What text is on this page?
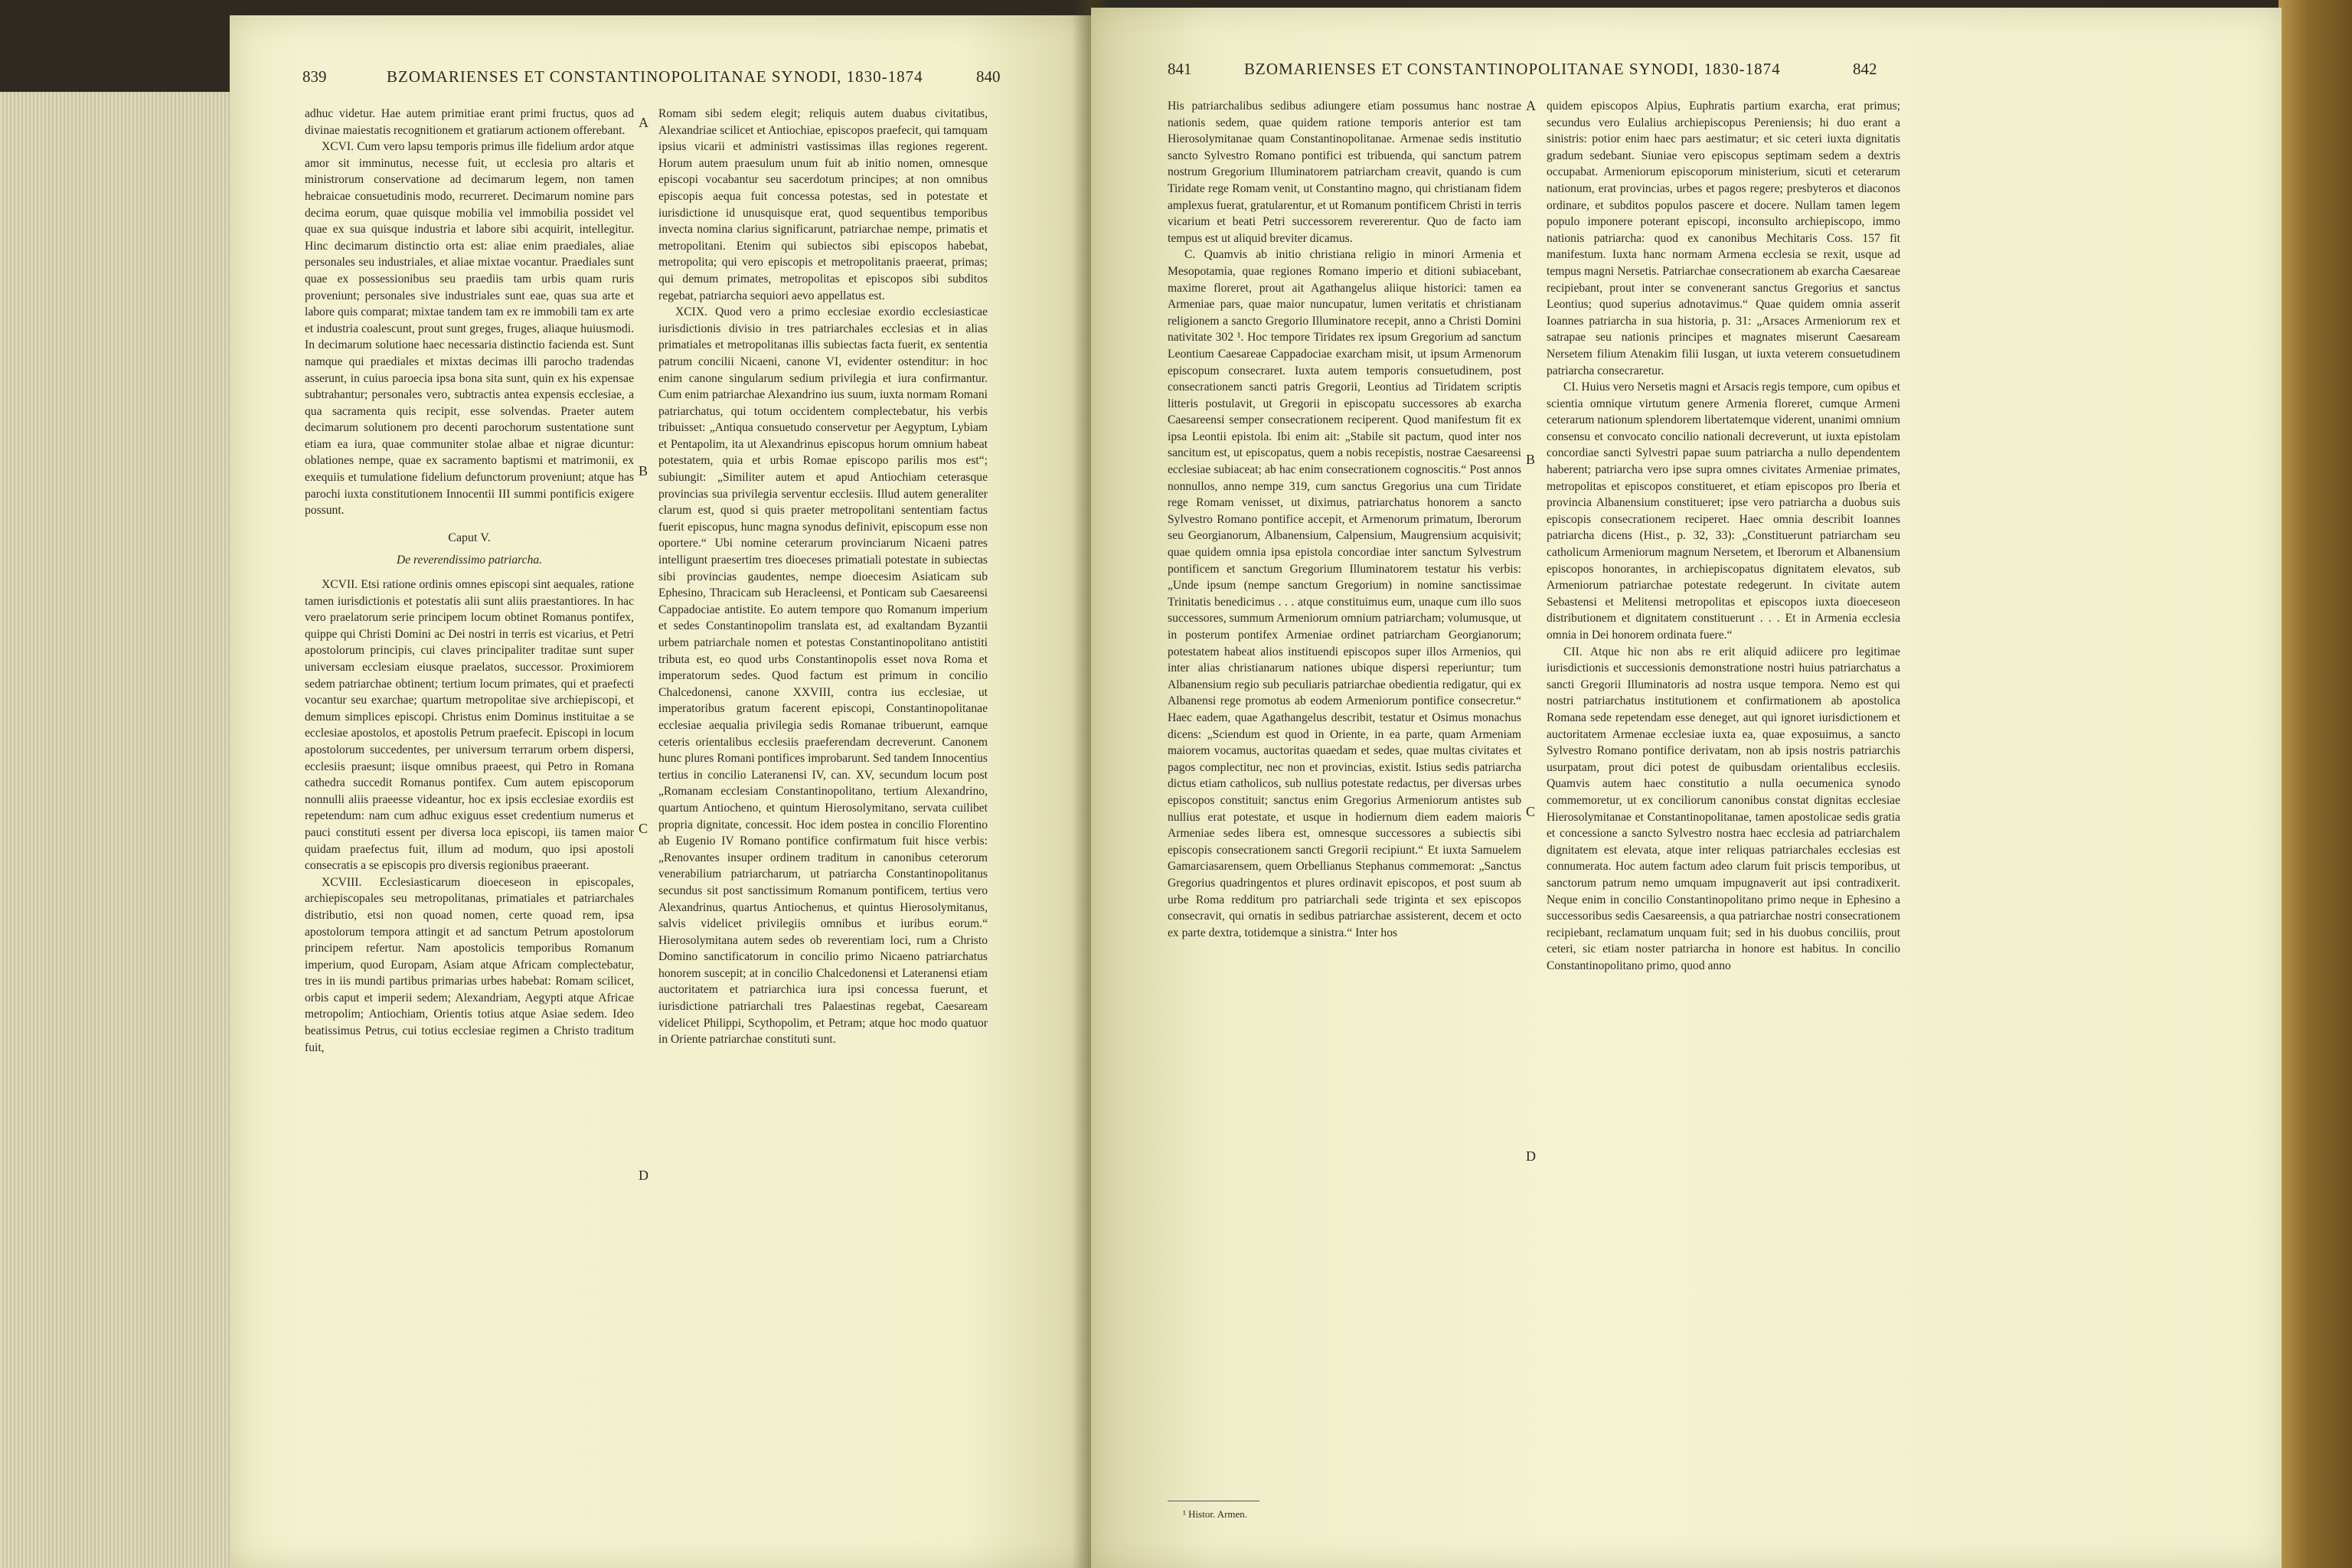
839	BZOMARIENSES ET CONSTANTINOPOLITANAE SYNODI, 1830-1874	840

adhuc videtur. Hae autem primitiae erant primi fructus, quos ad divinae maiestatis recognitionem et gratiarum actionem offerebant.

XCVI. Cum vero lapsu temporis primus ille fidelium ardor atque amor sit imminutus, necesse fuit, ut ecclesia pro altaris et ministrorum conservatione ad decimarum legem, non tamen hebraicae consuetudinis modo, recurreret. Decimarum nomine pars decima eorum, quae quisque mobilia vel immobilia possidet vel quae ex sua quisque industria et labore sibi acquirit, intellegitur. Hinc decimarum distinctio orta est: aliae enim praediales, aliae personales seu industriales, et aliae mixtae vocantur. Praediales sunt quae ex possessionibus seu praediis tam urbis quam ruris proveniunt; personales sive industriales sunt eae, quas sua arte et labore quis comparat; mixtae tandem tam ex re immobili tam ex arte et industria coalescunt, prout sunt greges, fruges, aliaque huiusmodi. In decimarum solutione haec necessaria distinctio facienda est. Sunt namque qui praediales et mixtas decimas illi parocho tradendas asserunt, in cuius paroecia ipsa bona sita sunt, quin ex his expensae subtrahantur; personales vero, subtractis antea expensis ecclesiae, a qua sacramenta quis recipit, esse solvendas. Praeter autem decimarum solutionem pro decenti parochorum sustentatione sunt etiam ea iura, quae communiter stolae albae et nigrae dicuntur: oblationes nempe, quae ex sacramento baptismi et matrimonii, ex exequiis et tumulatione fidelium defunctorum proveniunt; atque has parochi iuxta constitutionem Innocentii III summi pontificis exigere possunt.

Caput V.

De reverendissimo patriarcha.

XCVII. Etsi ratione ordinis omnes episcopi sint aequales, ratione tamen iurisdictionis et potestatis alii sunt aliis praestantiores. In hac vero praelatorum serie principem locum obtinet Romanus pontifex, quippe qui Christi Domini ac Dei nostri in terris est vicarius, et Petri apostolorum principis, cui claves principaliter traditae sunt super universam ecclesiam eiusque praelatos, successor. Proximiorem sedem patriarchae obtinent; tertium locum primates, qui et praefecti vocantur seu exarchae; quartum metropolitae sive archiepiscopi, et demum simplices episcopi. Christus enim Dominus instituitae a se ecclesiae apostolos, et apostolis Petrum praefecit. Episcopi in locum apostolorum succedentes, per universum terrarum orbem dispersi, ecclesiis praesunt; iisque omnibus praeest, qui Petro in Romana cathedra succedit Romanus pontifex. Cum autem episcoporum nonnulli aliis praeesse videantur, hoc ex ipsis ecclesiae exordiis est repetendum: nam cum adhuc exiguus esset credentium numerus et pauci constituti essent per diversa loca episcopi, iis tamen maior quidam praefectus fuit, illum ad modum, quo ipsi apostoli consecratis a se episcopis pro diversis regionibus praeerant.

XCVIII. Ecclesiasticarum dioeceseon in episcopales, archiepiscopales seu metropolitanas, primatiales et patriarchales distributio, etsi non quoad nomen, certe quoad rem, ipsa apostolorum tempora attingit et ad sanctum Petrum apostolorum principem refertur. Nam apostolicis temporibus Romanum imperium, quod Europam, Asiam atque Africam complectebatur, tres in iis mundi partibus primarias urbes habebat: Romam scilicet, orbis caput et imperii sedem; Alexandriam, Aegypti atque Africae metropolim; Antiochiam, Orientis totius atque Asiae sedem. Ideo beatissimus Petrus, cui totius ecclesiae regimen a Christo traditum fuit,

A
B
C
D

Romam sibi sedem elegit; reliquis autem duabus civitatibus, Alexandriae scilicet et Antiochiae, episcopos praefecit, qui tamquam ipsius vicarii et administri vastissimas illas regiones regerent. Horum autem praesulum unum fuit ab initio nomen, omnesque episcopi vocabantur seu sacerdotum principes; at non omnibus episcopis aequa fuit concessa potestas, sed in potestate et iurisdictione id unusquisque erat, quod sequentibus temporibus invecta nomina clarius significarunt, patriarchae nempe, primatis et metropolitani. Etenim qui subiectos sibi episcopos habebat, metropolita; qui vero episcopis et metropolitanis praeerat, primas; qui demum primates, metropolitas et episcopos sibi subditos regebat, patriarcha sequiori aevo appellatus est.

XCIX. Quod vero a primo ecclesiae exordio ecclesiasticae iurisdictionis divisio in tres patriarchales ecclesias et in alias primatiales et metropolitanas illis subiectas facta fuerit, ex sententia patrum concilii Nicaeni, canone VI, evidenter ostenditur: in hoc enim canone singularum sedium privilegia et iura confirmantur. Cum enim patriarchae Alexandrino ius suum, iuxta normam Romani patriarchatus, qui totum occidentem complectebatur, his verbis tribuisset: „Antiqua consuetudo conservetur per Aegyptum, Lybiam et Pentapolim, ita ut Alexandrinus episcopus horum omnium habeat potestatem, quia et urbis Romae episcopo parilis mos est“; subiungit: „Similiter autem et apud Antiochiam ceterasque provincias sua privilegia serventur ecclesiis. Illud autem generaliter clarum est, quod si quis praeter metropolitani sententiam factus fuerit episcopus, hunc magna synodus definivit, episcopum esse non oportere.“ Ubi nomine ceterarum provinciarum Nicaeni patres intelligunt praesertim tres dioeceses primatiali potestate in subiectas sibi provincias gaudentes, nempe dioecesim Asiaticam sub Ephesino, Thracicam sub Heracleensi, et Ponticam sub Caesareensi Cappadociae antistite. Eo autem tempore quo Romanum imperium et sedes Constantinopolim translata est, ad exaltandam Byzantii urbem patriarchale nomen et potestas Constantinopolitano antistiti tributa est, eo quod urbs Constantinopolis esset nova Roma et imperatorum sedes. Quod factum est primum in concilio Chalcedonensi, canone XXVIII, contra ius ecclesiae, ut imperatoribus gratum facerent episcopi, Constantinopolitanae ecclesiae aequalia privilegia sedis Romanae tribuerunt, eamque ceteris orientalibus ecclesiis praeferendam decreverunt. Canonem hunc plures Romani pontifices improbarunt. Sed tandem Innocentius tertius in concilio Lateranensi IV, can. XV, secundum locum post „Romanam ecclesiam Constantinopolitano, tertium Alexandrino, quartum Antiocheno, et quintum Hierosolymitano, servata cuilibet propria dignitate, concessit. Hoc idem postea in concilio Florentino ab Eugenio IV Romano pontifice confirmatum fuit hisce verbis: „Renovantes insuper ordinem traditum in canonibus ceterorum venerabilium patriarcharum, ut patriarcha Constantinopolitanus secundus sit post sanctissimum Romanum pontificem, tertius vero Alexandrinus, quartus Antiochenus, et quintus Hierosolymitanus, salvis videlicet privilegiis omnibus et iuribus eorum.“ Hierosolymitana autem sedes ob reverentiam loci, rum a Christo Domino sanctificatorum in concilio primo Nicaeno patriarchatus honorem suscepit; at in concilio Chalcedonensi et Lateranensi etiam auctoritatem et patriarchica iura ipsi concessa fuerunt, et iurisdictione patriarchali tres Palaestinas regebat, Caesaream videlicet Philippi, Scythopolim, et Petram; atque hoc modo quatuor in Oriente patriarchae constituti sunt.

841	BZOMARIENSES ET CONSTANTINOPOLITANAE SYNODI, 1830-1874	842

His patriarchalibus sedibus adiungere etiam possumus hanc nostrae nationis sedem, quae quidem ratione temporis anterior est tam Hierosolymitanae quam Constantinopolitanae. Armenae sedis institutio sancto Sylvestro Romano pontifici est tribuenda, qui sanctum patrem nostrum Gregorium Illuminatorem patriarcham creavit, quando is cum Tiridate rege Romam venit, ut Constantino magno, qui christianam fidem amplexus fuerat, gratularentur, et ut Romanum pontificem Christi in terris vicarium et beati Petri successorem revererentur. Quo de facto iam tempus est ut aliquid breviter dicamus.

C. Quamvis ab initio christiana religio in minori Armenia et Mesopotamia, quae regiones Romano imperio et ditioni subiacebant, maxime floreret, prout ait Agathangelus aliique historici: tamen ea Armeniae pars, quae maior nuncupatur, lumen veritatis et christianam religionem a sancto Gregorio Illuminatore recepit, anno a Christi Domini nativitate 302 ¹. Hoc tempore Tiridates rex ipsum Gregorium ad sanctum Leontium Caesareae Cappadociae exarcham misit, ut ipsum Armenorum episcopum consecraret. Iuxta autem temporis consuetudinem, post consecrationem sancti patris Gregorii, Leontius ad Tiridatem scriptis litteris postulavit, ut Gregorii in episcopatu successores ab exarcha Caesareensi semper consecrationem reciperent. Quod manifestum fit ex ipsa Leontii epistola. Ibi enim ait: „Stabile sit pactum, quod inter nos sancitum est, ut episcopatus, quem a nobis recepistis, nostrae Caesareensi ecclesiae subiaceat; ab hac enim consecrationem cognoscitis.“ Post annos nonnullos, anno nempe 319, cum sanctus Gregorius una cum Tiridate rege Romam venisset, ut diximus, patriarchatus honorem a sancto Sylvestro Romano pontifice accepit, et Armenorum primatum, Iberorum seu Georgianorum, Albanensium, Calpensium, Maugrensium acquisivit; quae quidem omnia ipsa epistola concordiae inter sanctum Sylvestrum pontificem et sanctum Gregorium Illuminatorem testatur his verbis: „Unde ipsum (nempe sanctum Gregorium) in nomine sanctissimae Trinitatis benedicimus . . . atque constituimus eum, unaque cum illo suos successores, summum Armeniorum omnium patriarcham; volumusque, ut in posterum pontifex Armeniae ordinet patriarcham Georgianorum; potestatem habeat alios instituendi episcopos super illos Armenios, qui inter alias christianarum nationes ubique dispersi reperiuntur; tum Albanensium regio sub peculiaris patriarchae obedientia redigatur, qui ex Albanensi rege promotus ab eodem Armeniorum pontifice consecretur.“ Haec eadem, quae Agathangelus describit, testatur et Osimus monachus dicens: „Sciendum est quod in Oriente, in ea parte, quam Armeniam maiorem vocamus, auctoritas quaedam et sedes, quae multas civitates et pagos complectitur, nec non et provincias, existit. Istius sedis patriarcha dictus etiam catholicos, sub nullius potestate redactus, per diversas urbes episcopos constituit; sanctus enim Gregorius Armeniorum antistes sub nullius erat potestate, et usque in hodiernum diem eadem maioris Armeniae sedes libera est, omnesque successores a subiectis sibi episcopis consecrationem sancti Gregorii recipiunt.“ Et iuxta Samuelem Gamarciasarensem, quem Orbellianus Stephanus commemorat: „Sanctus Gregorius quadringentos et plures ordinavit episcopos, et post suum ab urbe Roma redditum pro patriarchali sede triginta et sex episcopos consecravit, qui ornatis in sedibus patriarchae assisterent, decem et octo ex parte dextra, totidemque a sinistra.“ Inter hos

¹ Histor. Armen.
A
B
C
D

quidem episcopos Alpius, Euphratis partium exarcha, erat primus; secundus vero Eulalius archiepiscopus Pereniensis; hi duo erant a sinistris: potior enim haec pars aestimatur; et sic ceteri iuxta dignitatis gradum sedebant. Siuniae vero episcopus septimam sedem a dextris occupabat. Armeniorum episcoporum ministerium, sicuti et ceterarum nationum, erat provincias, urbes et pagos regere; presbyteros et diaconos ordinare, et subditos populos pascere et docere. Nullam tamen legem populo imponere poterant episcopi, inconsulto archiepiscopo, immo nationis patriarcha: quod ex canonibus Mechitaris Coss. 157 fit manifestum. Iuxta hanc normam Armena ecclesia se rexit, usque ad tempus magni Nersetis. Patriarchae consecrationem ab exarcha Caesareae recipiebant, prout inter se convenerant sanctus Gregorius et sanctus Leontius; quod superius adnotavimus.“ Quae quidem omnia asserit Ioannes patriarcha in sua historia, p. 31: „Arsaces Armeniorum rex et satrapae seu nationis principes et magnates miserunt Caesaream Nersetem filium Atenakim filii Iusgan, ut iuxta veterem consuetudinem patriarcha consecraretur.

CI. Huius vero Nersetis magni et Arsacis regis tempore, cum opibus et scientia omnique virtutum genere Armenia floreret, cumque Armeni ceterarum nationum splendorem libertatemque viderent, unanimi omnium consensu et convocato concilio nationali decreverunt, ut iuxta epistolam concordiae sancti Sylvestri papae suum patriarcha a nullo dependentem haberent; patriarcha vero ipse supra omnes civitates Armeniae primates, metropolitas et episcopos constitueret, et etiam episcopos pro Iberia et provincia Albanensium constitueret; ipse vero patriarcha a duobus suis episcopis consecrationem reciperet. Haec omnia describit Ioannes patriarcha dicens (Hist., p. 32, 33): „Constituerunt patriarcham seu catholicum Armeniorum magnum Nersetem, et Iberorum et Albanensium episcopos honorantes, in archiepiscopatus dignitatem elevatos, sub Armeniorum patriarchae potestate redegerunt. In civitate autem Sebastensi et Melitensi metropolitas et episcopos iuxta dioeceseon distributionem et dignitatem constituerunt . . . Et in Armenia ecclesia omnia in Dei honorem ordinata fuere.“

CII. Atque hic non abs re erit aliquid adiicere pro legitimae iurisdictionis et successionis demonstratione nostri huius patriarchatus a sancti Gregorii Illuminatoris ad nostra usque tempora. Nemo est qui nostri patriarchatus institutionem et confirmationem ab apostolica Romana sede repetendam esse deneget, aut qui ignoret iurisdictionem et auctoritatem Armenae ecclesiae iuxta ea, quae exposuimus, a sancto Sylvestro Romano pontifice derivatam, non ab ipsis nostris patriarchis usurpatam, prout dici potest de quibusdam orientalibus ecclesiis. Quamvis autem haec constitutio a nulla oecumenica synodo commemoretur, ut ex conciliorum canonibus constat dignitas ecclesiae Hierosolymitanae et Constantinopolitanae, tamen apostolicae sedis gratia et concessione a sancto Sylvestro nostra haec ecclesia ad patriarchalem dignitatem est elevata, atque inter reliquas patriarchales ecclesias est connumerata. Hoc autem factum adeo clarum fuit priscis temporibus, ut sanctorum patrum nemo umquam impugnaverit aut ipsi contradixerit. Neque enim in concilio Constantinopolitano primo neque in Ephesino a successoribus sedis Caesareensis, a qua patriarchae nostri consecrationem recipiebant, reclamatum unquam fuit; sed in his duobus conciliis, prout ceteri, sic etiam noster patriarcha in honore est habitus. In concilio Constantinopolitano primo, quod anno
